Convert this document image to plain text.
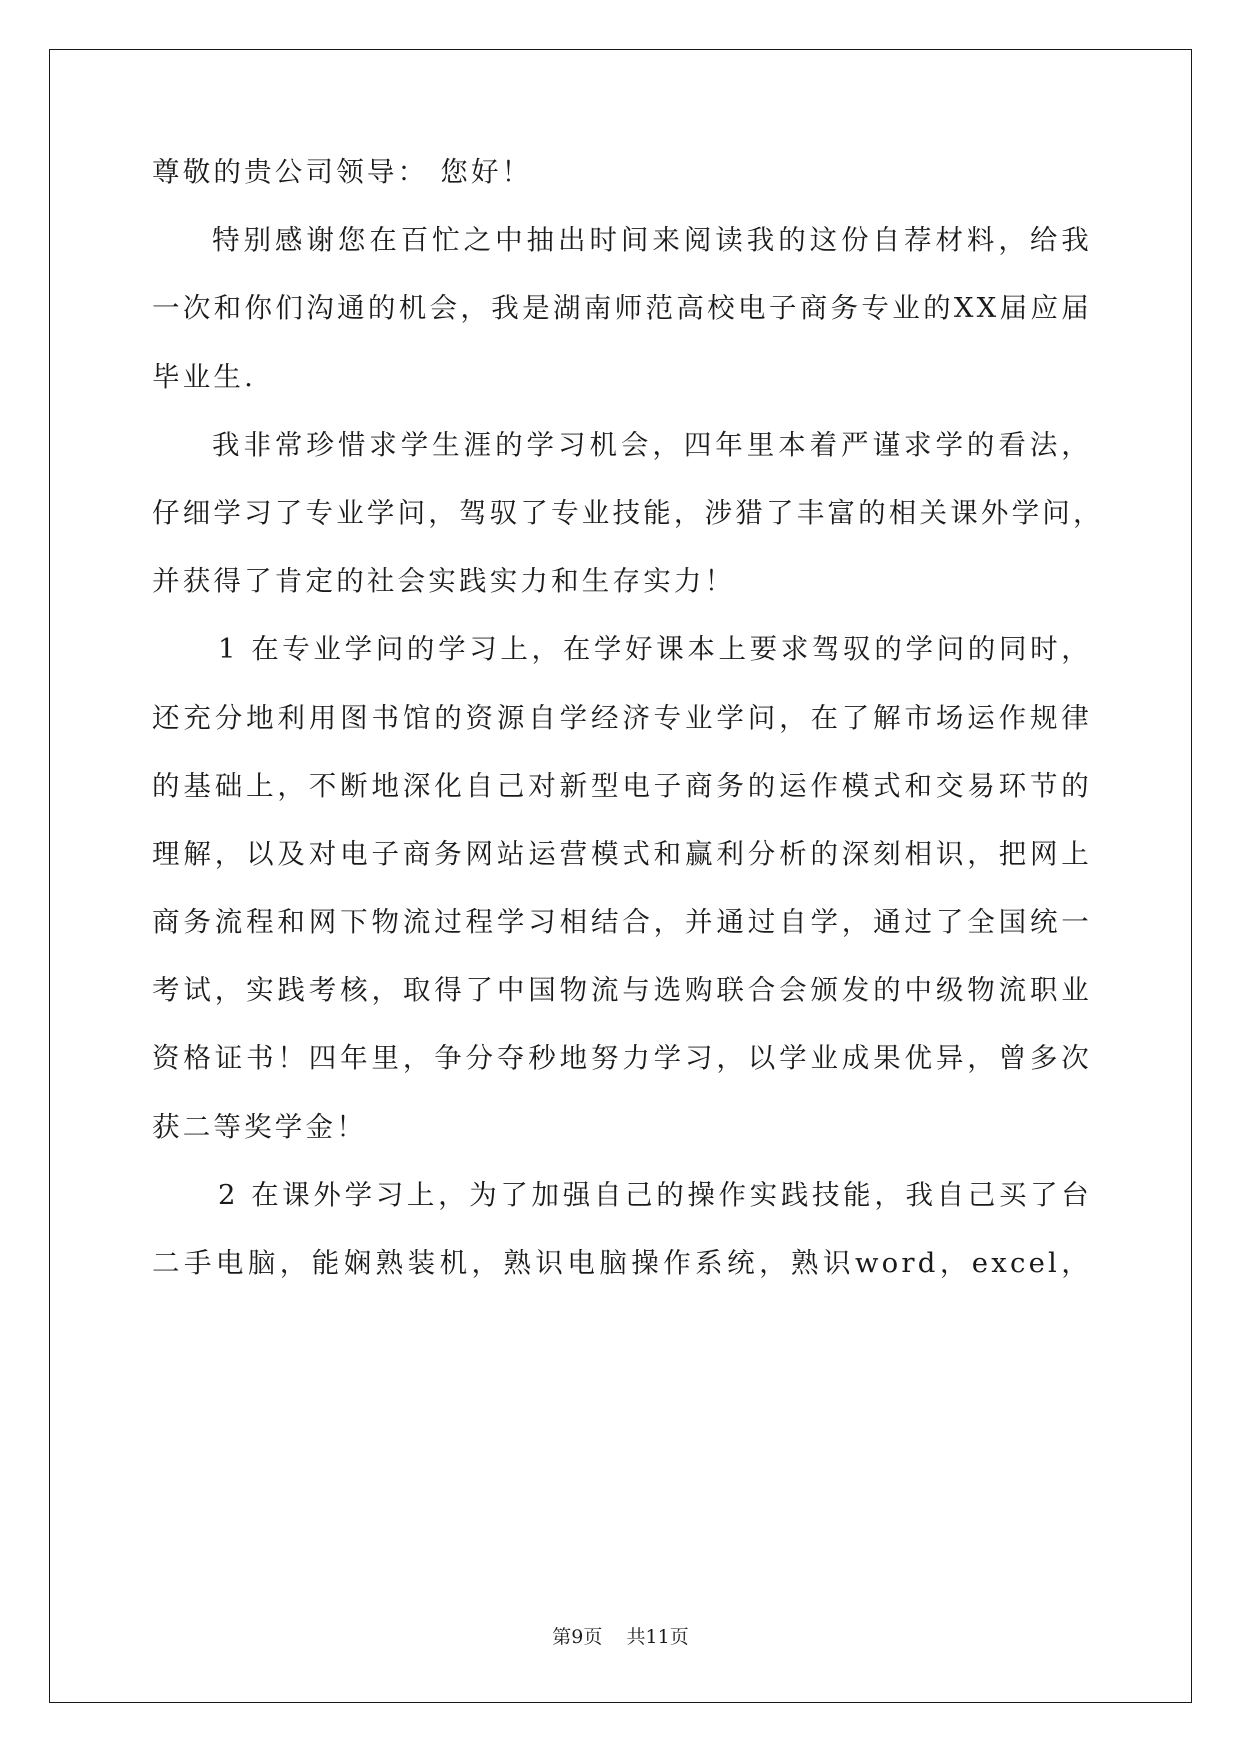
尊敬的贵公司领导： 您好！
特别感谢您在百忙之中抽出时间来阅读我的这份自荐材料，给我
一次和你们沟通的机会，我是湖南师范高校电子商务专业的XX届应届
毕业生.
我非常珍惜求学生涯的学习机会，四年里本着严谨求学的看法，
仔细学习了专业学问，驾驭了专业技能，涉猎了丰富的相关课外学问，
并获得了肯定的社会实践实力和生存实力！
1 在专业学问的学习上，在学好课本上要求驾驭的学问的同时，
还充分地利用图书馆的资源自学经济专业学问，在了解市场运作规律
的基础上，不断地深化自己对新型电子商务的运作模式和交易环节的
理解，以及对电子商务网站运营模式和赢利分析的深刻相识，把网上
商务流程和网下物流过程学习相结合，并通过自学，通过了全国统一
考试，实践考核，取得了中国物流与选购联合会颁发的中级物流职业
资格证书！四年里，争分夺秒地努力学习，以学业成果优异，曾多次
获二等奖学金！
2 在课外学习上，为了加强自己的操作实践技能，我自己买了台
二手电脑，能娴熟装机，熟识电脑操作系统，熟识word，excel，
第9页    共11页
